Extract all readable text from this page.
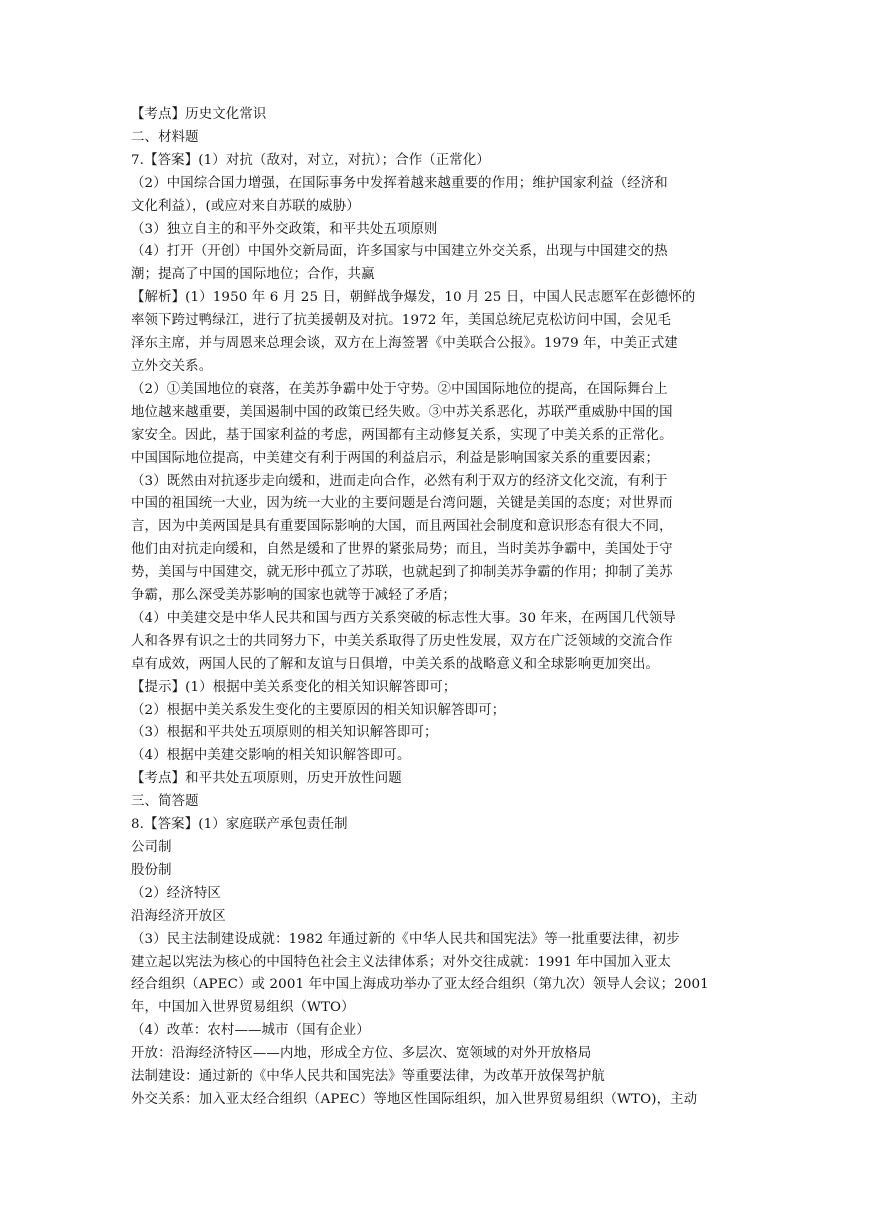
【考点】历史文化常识
二、材料题
7.【答案】(1）对抗（敌对，对立，对抗）；合作（正常化）
（2）中国综合国力增强，在国际事务中发挥着越来越重要的作用；维护国家利益（经济和
文化利益），(或应对来自苏联的威胁）
（3）独立自主的和平外交政策，和平共处五项原则
（4）打开（开创）中国外交新局面，许多国家与中国建立外交关系，出现与中国建交的热
潮；提高了中国的国际地位；合作，共赢
【解析】(1）1950 年 6 月 25 日，朝鲜战争爆发，10 月 25 日，中国人民志愿军在彭德怀的
率领下跨过鸭绿江，进行了抗美援朝及对抗。1972 年，美国总统尼克松访问中国，会见毛
泽东主席，并与周恩来总理会谈，双方在上海签署《中美联合公报》。1979 年，中美正式建
立外交关系。
（2）①美国地位的衰落，在美苏争霸中处于守势。②中国国际地位的提高，在国际舞台上
地位越来越重要，美国遏制中国的政策已经失败。③中苏关系恶化，苏联严重威胁中国的国
家安全。因此，基于国家利益的考虑，两国都有主动修复关系，实现了中美关系的正常化。
中国国际地位提高，中美建交有利于两国的利益启示，利益是影响国家关系的重要因素；
（3）既然由对抗逐步走向缓和，进而走向合作，必然有利于双方的经济文化交流，有利于
中国的祖国统一大业，因为统一大业的主要问题是台湾问题，关键是美国的态度；对世界而
言，因为中美两国是具有重要国际影响的大国，而且两国社会制度和意识形态有很大不同，
他们由对抗走向缓和，自然是缓和了世界的紧张局势；而且，当时美苏争霸中，美国处于守
势，美国与中国建交，就无形中孤立了苏联，也就起到了抑制美苏争霸的作用；抑制了美苏
争霸，那么深受美苏影响的国家也就等于减轻了矛盾；
（4）中美建交是中华人民共和国与西方关系突破的标志性大事。30 年来，在两国几代领导
人和各界有识之士的共同努力下，中美关系取得了历史性发展，双方在广泛领域的交流合作
卓有成效，两国人民的了解和友谊与日俱增，中美关系的战略意义和全球影响更加突出。
【提示】(1）根据中美关系变化的相关知识解答即可；
（2）根据中美关系发生变化的主要原因的相关知识解答即可；
（3）根据和平共处五项原则的相关知识解答即可；
（4）根据中美建交影响的相关知识解答即可。
【考点】和平共处五项原则，历史开放性问题
三、简答题
8.【答案】(1）家庭联产承包责任制
公司制
股份制
（2）经济特区
沿海经济开放区
（3）民主法制建设成就：1982 年通过新的《中华人民共和国宪法》等一批重要法律，初步
建立起以宪法为核心的中国特色社会主义法律体系；对外交往成就：1991 年中国加入亚太
经合组织（APEC）或 2001 年中国上海成功举办了亚太经合组织（第九次）领导人会议；2001
年，中国加入世界贸易组织（WTO）
（4）改革：农村——城市（国有企业）
开放：沿海经济特区——内地，形成全方位、多层次、宽领域的对外开放格局
法制建设：通过新的《中华人民共和国宪法》等重要法律，为改革开放保驾护航
外交关系：加入亚太经合组织（APEC）等地区性国际组织，加入世界贸易组织（WTO)，主动
